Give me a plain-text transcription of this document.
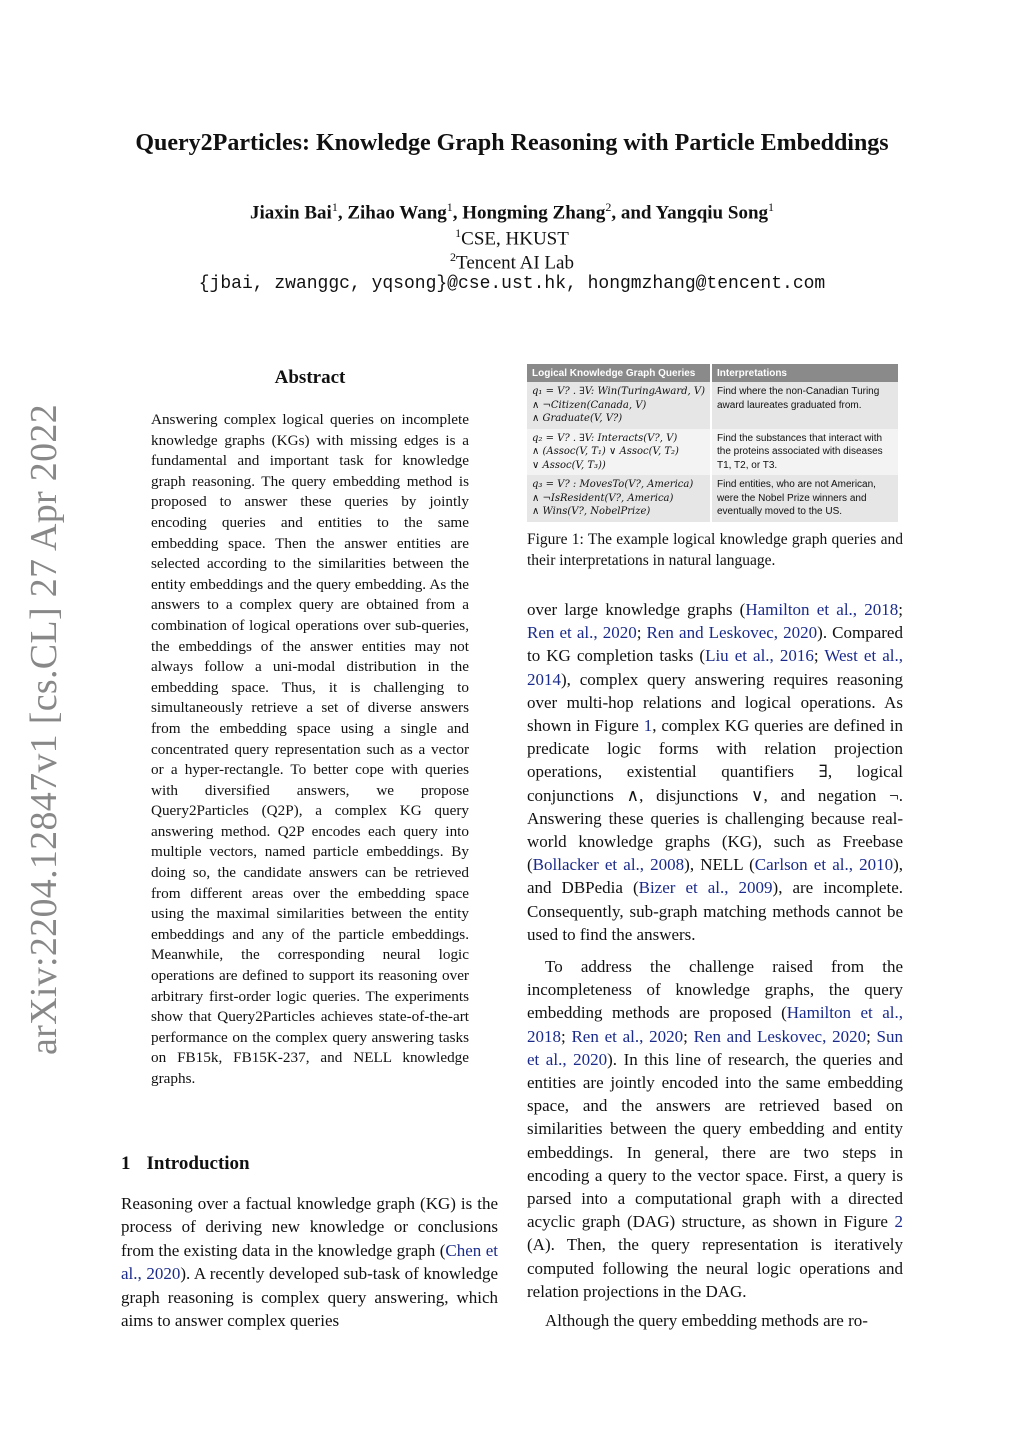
Query2Particles: Knowledge Graph Reasoning with Particle Embeddings
Jiaxin Bai$^1$, Zihao Wang$^1$, Hongming Zhang$^2$, and Yangqiu Song$^1$
$^1$CSE, HKUST
$^2$Tencent AI Lab
{jbai, zwanggc, yqsong}@cse.ust.hk, hongmzhang@tencent.com
arXiv:2204.12847v1 [cs.CL] 27 Apr 2022
Abstract
Answering complex logical queries on incomplete knowledge graphs (KGs) with missing edges is a fundamental and important task for knowledge graph reasoning. The query embedding method is proposed to answer these queries by jointly encoding queries and entities to the same embedding space. Then the answer entities are selected according to the similarities between the entity embeddings and the query embedding. As the answers to a complex query are obtained from a combination of logical operations over sub-queries, the embeddings of the answer entities may not always follow a uni-modal distribution in the embedding space. Thus, it is challenging to simultaneously retrieve a set of diverse answers from the embedding space using a single and concentrated query representation such as a vector or a hyper-rectangle. To better cope with queries with diversified answers, we propose Query2Particles (Q2P), a complex KG query answering method. Q2P encodes each query into multiple vectors, named particle embeddings. By doing so, the candidate answers can be retrieved from different areas over the embedding space using the maximal similarities between the entity embeddings and any of the particle embeddings. Meanwhile, the corresponding neural logic operations are defined to support its reasoning over arbitrary first-order logic queries. The experiments show that Query2Particles achieves state-of-the-art performance on the complex query answering tasks on FB15k, FB15K-237, and NELL knowledge graphs.
1 Introduction
Reasoning over a factual knowledge graph (KG) is the process of deriving new knowledge or conclusions from the existing data in the knowledge graph (Chen et al., 2020). A recently developed sub-task of knowledge graph reasoning is complex query answering, which aims to answer complex queries
Logical Knowledge Graph Queries	Interpretations

q₁ = V? . ∃V: Win(TuringAward, V)
∧ ¬Citizen(Canada, V)
∧ Graduate(V, V?)	Find where the non-Canadian Turing award laureates graduated from.

q₂ = V? . ∃V: Interacts(V?, V)
∧ (Assoc(V, T₁) ∨ Assoc(V, T₂)
∨ Assoc(V, T₃))	Find the substances that interact with the proteins associated with diseases T1, T2, or T3.

q₃ = V? : MovesTo(V?, America)
∧ ¬IsResident(V?, America)
∧ Wins(V?, NobelPrize)	Find entities, who are not American, were the Nobel Prize winners and eventually moved to the US.
Figure 1: The example logical knowledge graph queries and their interpretations in natural language.
over large knowledge graphs (Hamilton et al., 2018; Ren et al., 2020; Ren and Leskovec, 2020). Compared to KG completion tasks (Liu et al., 2016; West et al., 2014), complex query answering requires reasoning over multi-hop relations and logical operations. As shown in Figure 1, complex KG queries are defined in predicate logic forms with relation projection operations, existential quantifiers ∃, logical conjunctions ∧, disjunctions ∨, and negation ¬. Answering these queries is challenging because real-world knowledge graphs (KG), such as Freebase (Bollacker et al., 2008), NELL (Carlson et al., 2010), and DBPedia (Bizer et al., 2009), are incomplete. Consequently, sub-graph matching methods cannot be used to find the answers.
To address the challenge raised from the incompleteness of knowledge graphs, the query embedding methods are proposed (Hamilton et al., 2018; Ren et al., 2020; Ren and Leskovec, 2020; Sun et al., 2020). In this line of research, the queries and entities are jointly encoded into the same embedding space, and the answers are retrieved based on similarities between the query embedding and entity embeddings. In general, there are two steps in encoding a query to the vector space. First, a query is parsed into a computational graph with a directed acyclic graph (DAG) structure, as shown in Figure 2 (A). Then, the query representation is iteratively computed following the neural logic operations and relation projections in the DAG.
Although the query embedding methods are ro-
